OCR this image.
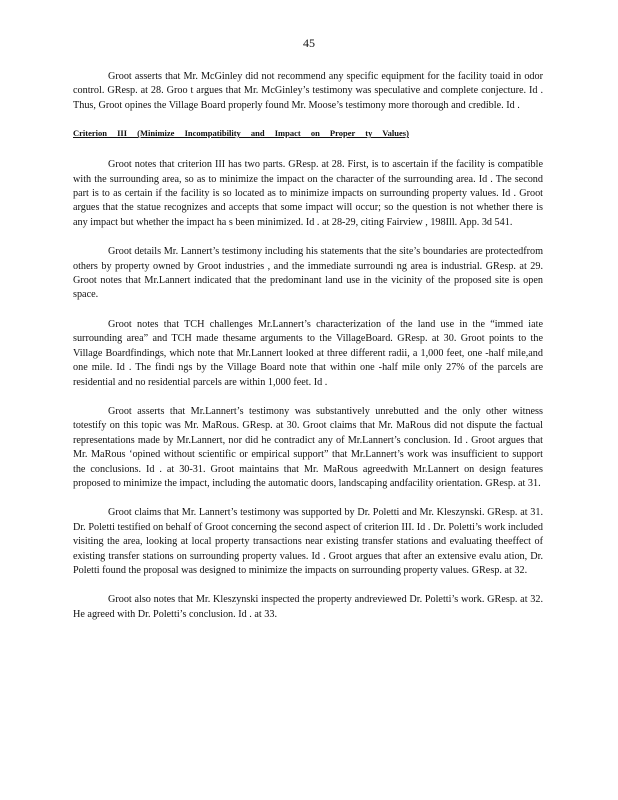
45

Groot asserts that Mr. McGinley did not recommend any specific equipment for the facility toaid in odor control. GResp. at 28. Groo t argues that Mr. McGinley’s testimony was speculative and complete conjecture. Id . Thus, Groot opines the Village Board properly found Mr. Moose’s testimony more thorough and credible. Id .

Criterion III (Minimize Incompatibility and Impact on Proper ty Values)

Groot notes that criterion III has two parts. GResp. at 28. First, is to ascertain if the facility is compatible with the surrounding area, so as to minimize the impact on the character of the surrounding area. Id . The second part is to as certain if the facility is so located as to minimize impacts on surrounding property values. Id . Groot argues that the statue recognizes and accepts that some impact will occur; so the question is not whether there is any impact but whether the impact ha s been minimized. Id . at 28-29, citing Fairview , 198Ill. App. 3d 541.

Groot details Mr. Lannert’s testimony including his statements that the site’s boundaries are protectedfrom others by property owned by Groot industries , and the immediate surroundi ng area is industrial. GResp. at 29. Groot notes that Mr.Lannert indicated that the predominant land use in the vicinity of the proposed site is open space.

Groot notes that TCH challenges Mr.Lannert’s characterization of the land use in the “immed iate surrounding area” and TCH made thesame arguments to the VillageBoard. GResp. at 30. Groot points to the Village Boardfindings, which note that Mr.Lannert looked at three different radii, a 1,000 feet, one -half mile,and one mile. Id . The findi ngs by the Village Board note that within one -half mile only 27% of the parcels are residential and no residential parcels are within 1,000 feet. Id .

Groot asserts that Mr.Lannert’s testimony was substantively unrebutted and the only other witness totestify on this topic was Mr. MaRous. GResp. at 30. Groot claims that Mr. MaRous did not dispute the factual representations made by Mr.Lannert, nor did he contradict any of Mr.Lannert’s conclusion. Id . Groot argues that Mr. MaRous ‘opined without scientific or empirical support” that Mr.Lannert’s work was insufficient to support the conclusions. Id . at 30-31. Groot maintains that Mr. MaRous agreedwith Mr.Lannert on design features proposed to minimize the impact, including the automatic doors, landscaping andfacility orientation. GResp. at 31.

Groot claims that Mr. Lannert’s testimony was supported by Dr. Poletti and Mr. Kleszynski. GResp. at 31. Dr. Poletti testified on behalf of Groot concerning the second aspect of criterion III. Id . Dr. Poletti’s work included visiting the area, looking at local property transactions near existing transfer stations and evaluating theeffect of existing transfer stations on surrounding property values. Id . Groot argues that after an extensive evalu ation, Dr. Poletti found the proposal was designed to minimize the impacts on surrounding property values. GResp. at 32.

Groot also notes that Mr. Kleszynski inspected the property andreviewed Dr. Poletti’s work. GResp. at 32. He agreed with Dr. Poletti’s conclusion. Id . at 33.
